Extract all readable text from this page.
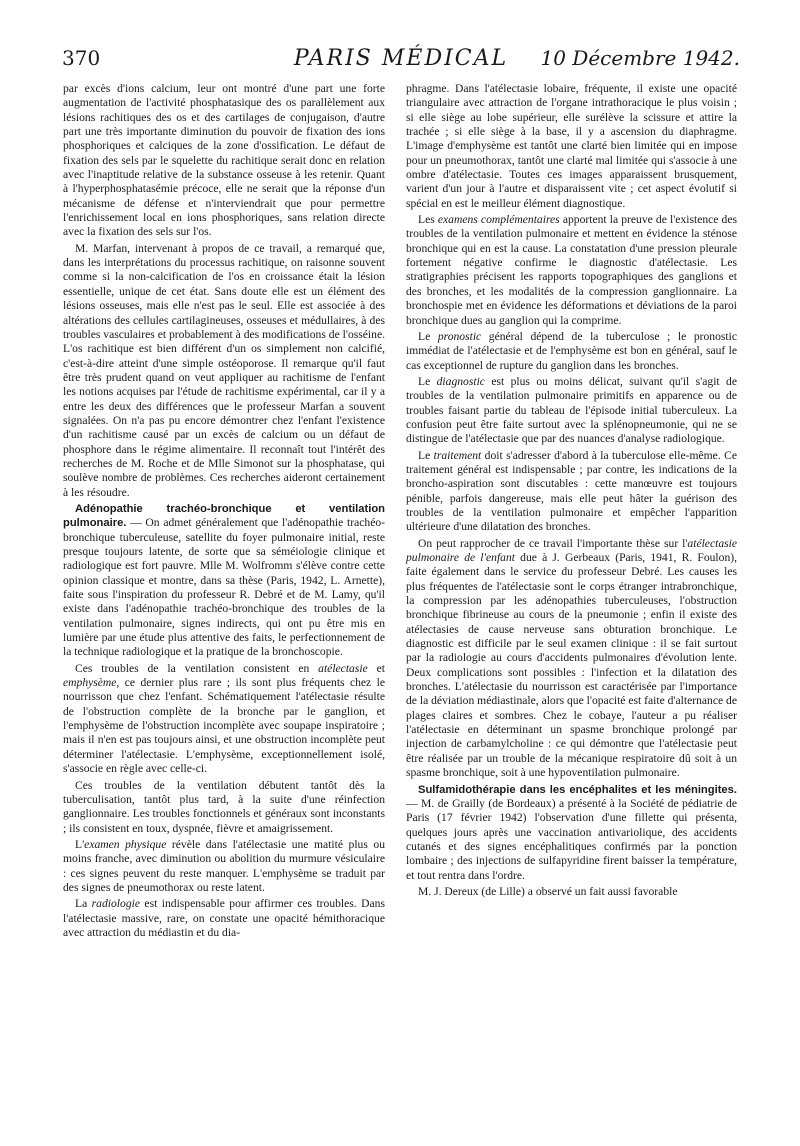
370	PARIS MÉDICAL	10 Décembre 1942.

par excès d'ions calcium, leur ont montré d'une part une forte augmentation de l'activité phosphatasique des os parallèlement aux lésions rachitiques des os et des cartilages de conjugaison, d'autre part une très importante diminution du pouvoir de fixation des ions phosphoriques et calciques de la zone d'ossification. Le défaut de fixation des sels par le squelette du rachitique serait donc en relation avec l'inaptitude relative de la substance osseuse à les retenir. Quant à l'hyperphosphatasémie précoce, elle ne serait que la réponse d'un mécanisme de défense et n'interviendrait que pour permettre l'enrichissement local en ions phosphoriques, sans relation directe avec la fixation des sels sur l'os.

M. Marfan, intervenant à propos de ce travail, a remarqué que, dans les interprétations du processus rachitique, on raisonne souvent comme si la non-calcification de l'os en croissance était la lésion essentielle, unique de cet état. Sans doute elle est un élément des lésions osseuses, mais elle n'est pas le seul. Elle est associée à des altérations des cellules cartilagineuses, osseuses et médullaires, à des troubles vasculaires et probablement à des modifications de l'osséine. L'os rachitique est bien différent d'un os simplement non calcifié, c'est-à-dire atteint d'une simple ostéoporose. Il remarque qu'il faut être très prudent quand on veut appliquer au rachitisme de l'enfant les notions acquises par l'étude de rachitisme expérimental, car il y a entre les deux des différences que le professeur Marfan a souvent signalées. On n'a pas pu encore démontrer chez l'enfant l'existence d'un rachitisme causé par un excès de calcium ou un défaut de phosphore dans le régime alimentaire. Il reconnaît tout l'intérêt des recherches de M. Roche et de Mlle Simonot sur la phosphatase, qui soulève nombre de problèmes. Ces recherches aideront certainement à les résoudre.

Adénopathie trachéo-bronchique et ventilation pulmonaire. — On admet généralement que l'adénopathie trachéo-bronchique tuberculeuse, satellite du foyer pulmonaire initial, reste presque toujours latente, de sorte que sa séméiologie clinique et radiologique est fort pauvre. Mlle M. Wolfromm s'élève contre cette opinion classique et montre, dans sa thèse (Paris, 1942, L. Arnette), faite sous l'inspiration du professeur R. Debré et de M. Lamy, qu'il existe dans l'adénopathie trachéo-bronchique des troubles de la ventilation pulmonaire, signes indirects, qui ont pu être mis en lumière par une étude plus attentive des faits, le perfectionnement de la technique radiologique et la pratique de la bronchoscopie.

Ces troubles de la ventilation consistent en atélectasie et emphysème, ce dernier plus rare ; ils sont plus fréquents chez le nourrisson que chez l'enfant. Schématiquement l'atélectasie résulte de l'obstruction complète de la bronche par le ganglion, et l'emphysème de l'obstruction incomplète avec soupape inspiratoire ; mais il n'en est pas toujours ainsi, et une obstruction incomplète peut déterminer l'atélectasie. L'emphysème, exceptionnellement isolé, s'associe en règle avec celle-ci.

Ces troubles de la ventilation débutent tantôt dès la tuberculisation, tantôt plus tard, à la suite d'une réinfection ganglionnaire. Les troubles fonctionnels et généraux sont inconstants ; ils consistent en toux, dyspnée, fièvre et amaigrissement.

L'examen physique révèle dans l'atélectasie une matité plus ou moins franche, avec diminution ou abolition du murmure vésiculaire : ces signes peuvent du reste manquer. L'emphysème se traduit par des signes de pneumothorax ou reste latent.

La radiologie est indispensable pour affirmer ces troubles. Dans l'atélectasie massive, rare, on constate une opacité hémithoracique avec attraction du médiastin et du dia-

phragme. Dans l'atélectasie lobaire, fréquente, il existe une opacité triangulaire avec attraction de l'organe intrathoracique le plus voisin ; si elle siège au lobe supérieur, elle surélève la scissure et attire la trachée ; si elle siège à la base, il y a ascension du diaphragme. L'image d'emphysème est tantôt une clarté bien limitée qui en impose pour un pneumothorax, tantôt une clarté mal limitée qui s'associe à une ombre d'atélectasie. Toutes ces images apparaissent brusquement, varient d'un jour à l'autre et disparaissent vite ; cet aspect évolutif si spécial en est le meilleur élément diagnostique.

Les examens complémentaires apportent la preuve de l'existence des troubles de la ventilation pulmonaire et mettent en évidence la sténose bronchique qui en est la cause. La constatation d'une pression pleurale fortement négative confirme le diagnostic d'atélectasie. Les stratigraphies précisent les rapports topographiques des ganglions et des bronches, et les modalités de la compression ganglionnaire. La bronchospie met en évidence les déformations et déviations de la paroi bronchique dues au ganglion qui la comprime.

Le pronostic général dépend de la tuberculose ; le pronostic immédiat de l'atélectasie et de l'emphysème est bon en général, sauf le cas exceptionnel de rupture du ganglion dans les bronches.

Le diagnostic est plus ou moins délicat, suivant qu'il s'agit de troubles de la ventilation pulmonaire primitifs en apparence ou de troubles faisant partie du tableau de l'épisode initial tuberculeux. La confusion peut être faite surtout avec la splénopneumonie, qui ne se distingue de l'atélectasie que par des nuances d'analyse radiologique.

Le traitement doit s'adresser d'abord à la tuberculose elle-même. Ce traitement général est indispensable ; par contre, les indications de la broncho-aspiration sont discutables : cette manœuvre est toujours pénible, parfois dangereuse, mais elle peut hâter la guérison des troubles de la ventilation pulmonaire et empêcher l'apparition ultérieure d'une dilatation des bronches.

On peut rapprocher de ce travail l'importante thèse sur l'atélectasie pulmonaire de l'enfant due à J. Gerbeaux (Paris, 1941, R. Foulon), faite également dans le service du professeur Debré. Les causes les plus fréquentes de l'atélectasie sont le corps étranger intrabronchique, la compression par les adénopathies tuberculeuses, l'obstruction bronchique fibrineuse au cours de la pneumonie ; enfin il existe des atélectasies de cause nerveuse sans obturation bronchique. Le diagnostic est difficile par le seul examen clinique : il se fait surtout par la radiologie au cours d'accidents pulmonaires d'évolution lente. Deux complications sont possibles : l'infection et la dilatation des bronches. L'atélectasie du nourrisson est caractérisée par l'importance de la déviation médiastinale, alors que l'opacité est faite d'alternance de plages claires et sombres. Chez le cobaye, l'auteur a pu réaliser l'atélectasie en déterminant un spasme bronchique prolongé par injection de carbamylcholine : ce qui démontre que l'atélectasie peut être réalisée par un trouble de la mécanique respiratoire dû soit à un spasme bronchique, soit à une hypoventilation pulmonaire.

Sulfamidothérapie dans les encéphalites et les méningites. — M. de Grailly (de Bordeaux) a présenté à la Société de pédiatrie de Paris (17 février 1942) l'observation d'une fillette qui présenta, quelques jours après une vaccination antivariolique, des accidents cutanés et des signes encéphalitiques confirmés par la ponction lombaire ; des injections de sulfapyridine firent baisser la température, et tout rentra dans l'ordre.

M. J. Dereux (de Lille) a observé un fait aussi favorable
